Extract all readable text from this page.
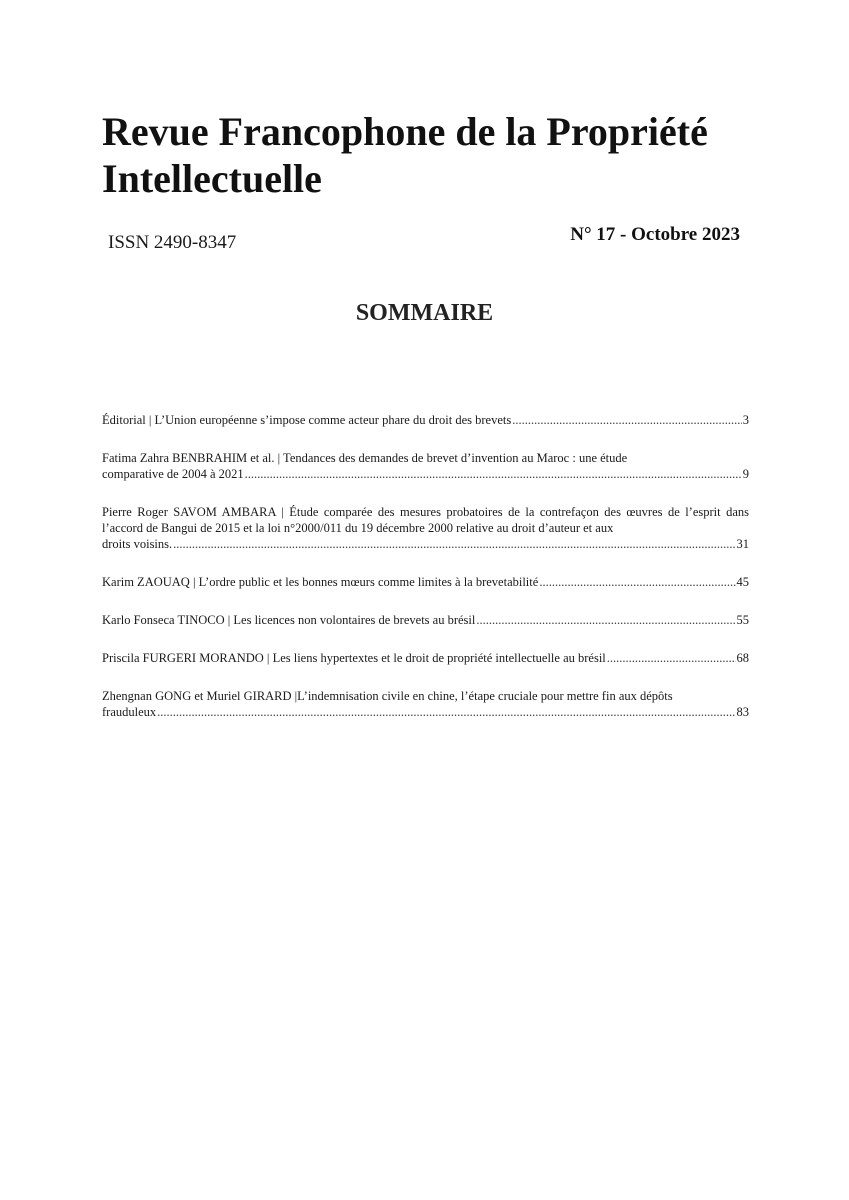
Revue Francophone de la Propriété Intellectuelle
ISSN 2490-8347	N° 17 - Octobre 2023
SOMMAIRE
Éditorial | L’Union européenne s’impose comme acteur phare du droit des brevets .....	3
Fatima Zahra BENBRAHIM et al. | Tendances des demandes de brevet d’invention au Maroc : une étude
comparative de 2004 à 2021 .....	9
Pierre Roger SAVOM AMBARA | Étude comparée des mesures probatoires de la contrefaçon des œuvres de l’esprit dans l’accord de Bangui de 2015 et la loi n°2000/011 du 19 décembre 2000 relative au droit d’auteur et aux
droits voisins. .....	31
Karim ZAOUAQ | L’ordre public et les bonnes mœurs comme limites à la brevetabilité .....	45
Karlo Fonseca TINOCO | Les licences non volontaires de brevets au brésil .....	55
Priscila FURGERI MORANDO | Les liens hypertextes et le droit de propriété intellectuelle au brésil .....	68
Zhengnan GONG et Muriel GIRARD |L’indemnisation civile en chine, l’étape cruciale pour mettre fin aux dépôts
frauduleux .....	83
